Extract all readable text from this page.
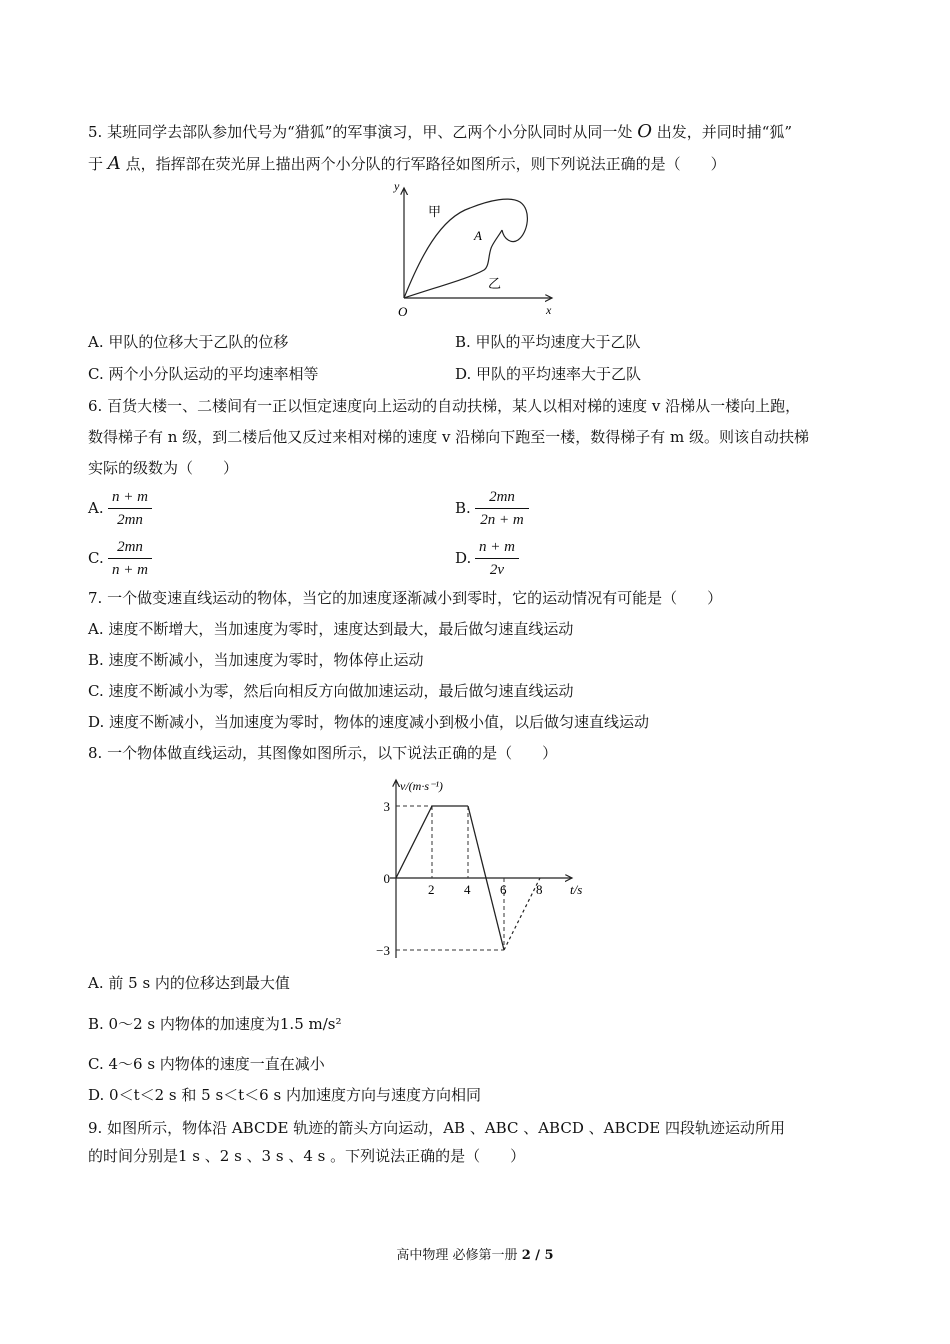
5. 某班同学去部队参加代号为“猎狐”的军事演习，甲、乙两个小分队同时从同一处 O 出发，并同时捕“狐”
于 A 点，指挥部在荧光屏上描出两个小分队的行军路径如图所示，则下列说法正确的是（　　）
y
x
O
A
甲
乙
A. 甲队的位移大于乙队的位移	B. 甲队的平均速度大于乙队
C. 两个小分队运动的平均速率相等	D. 甲队的平均速率大于乙队
6. 百货大楼一、二楼间有一正以恒定速度向上运动的自动扶梯，某人以相对梯的速度 v 沿梯从一楼向上跑，
数得梯子有 n 级，到二楼后他又反过来相对梯的速度 v 沿梯向下跑至一楼，数得梯子有 m 级。则该自动扶梯
实际的级数为（　　）
A.
n + m
2mn
B.
2mn
2n + m
C.
2mn
n + m
D.
n + m
2v
7. 一个做变速直线运动的物体，当它的加速度逐渐减小到零时，它的运动情况有可能是（　　）
A. 速度不断增大，当加速度为零时，速度达到最大，最后做匀速直线运动
B. 速度不断减小，当加速度为零时，物体停止运动
C. 速度不断减小为零，然后向相反方向做加速运动，最后做匀速直线运动
D. 速度不断减小，当加速度为零时，物体的速度减小到极小值，以后做匀速直线运动
8. 一个物体做直线运动，其图像如图所示，以下说法正确的是（　　）
2 4 6 8
3
0
−3
v/(m·s⁻¹)
t/s
A. 前 5 s 内的位移达到最大值
B. 0～2 s 内物体的加速度为1.5 m/s²
C. 4～6 s 内物体的速度一直在减小
D. 0＜t＜2 s 和 5 s＜t＜6 s 内加速度方向与速度方向相同
9. 如图所示，物体沿 ABCDE 轨迹的箭头方向运动，AB 、ABC 、ABCD 、ABCDE 四段轨迹运动所用
的时间分别是1 s 、2 s 、3 s 、4 s 。下列说法正确的是（　　）
高中物理 必修第一册 2 / 5
